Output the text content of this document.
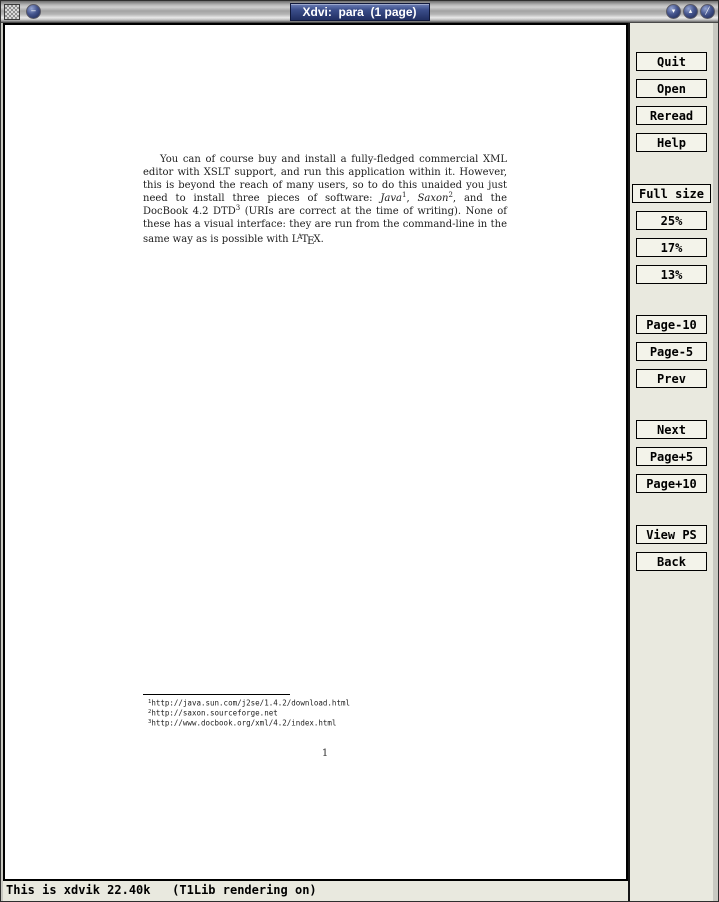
−	Xdvi:  para  (1 page)	▾	▴	╱

You can of course buy and install a fully-fledged commercial XML editor with XSLT support, and run this application within it. However, this is beyond the reach of many users, so to do this unaided you just need to install three pieces of software: Java$^1$, Saxon$^2$, and the DocBook 4.2 DTD$^3$ (URIs are correct at the time of writing). None of these has a visual interface: they are run from the command-line in the same way as is possible with $L^ATEX$.

$^1$http://java.sun.com/j2se/1.4.2/download.html
$^2$http://saxon.sourceforge.net
$^3$http://www.docbook.org/xml/4.2/index.html
1
This is xdvik 22.40k   (T1Lib rendering on)
Quit
Open
Reread
Help
Full size
25%
17%
13%
Page-10
Page-5
Prev
Next
Page+5
Page+10
View PS
Back
